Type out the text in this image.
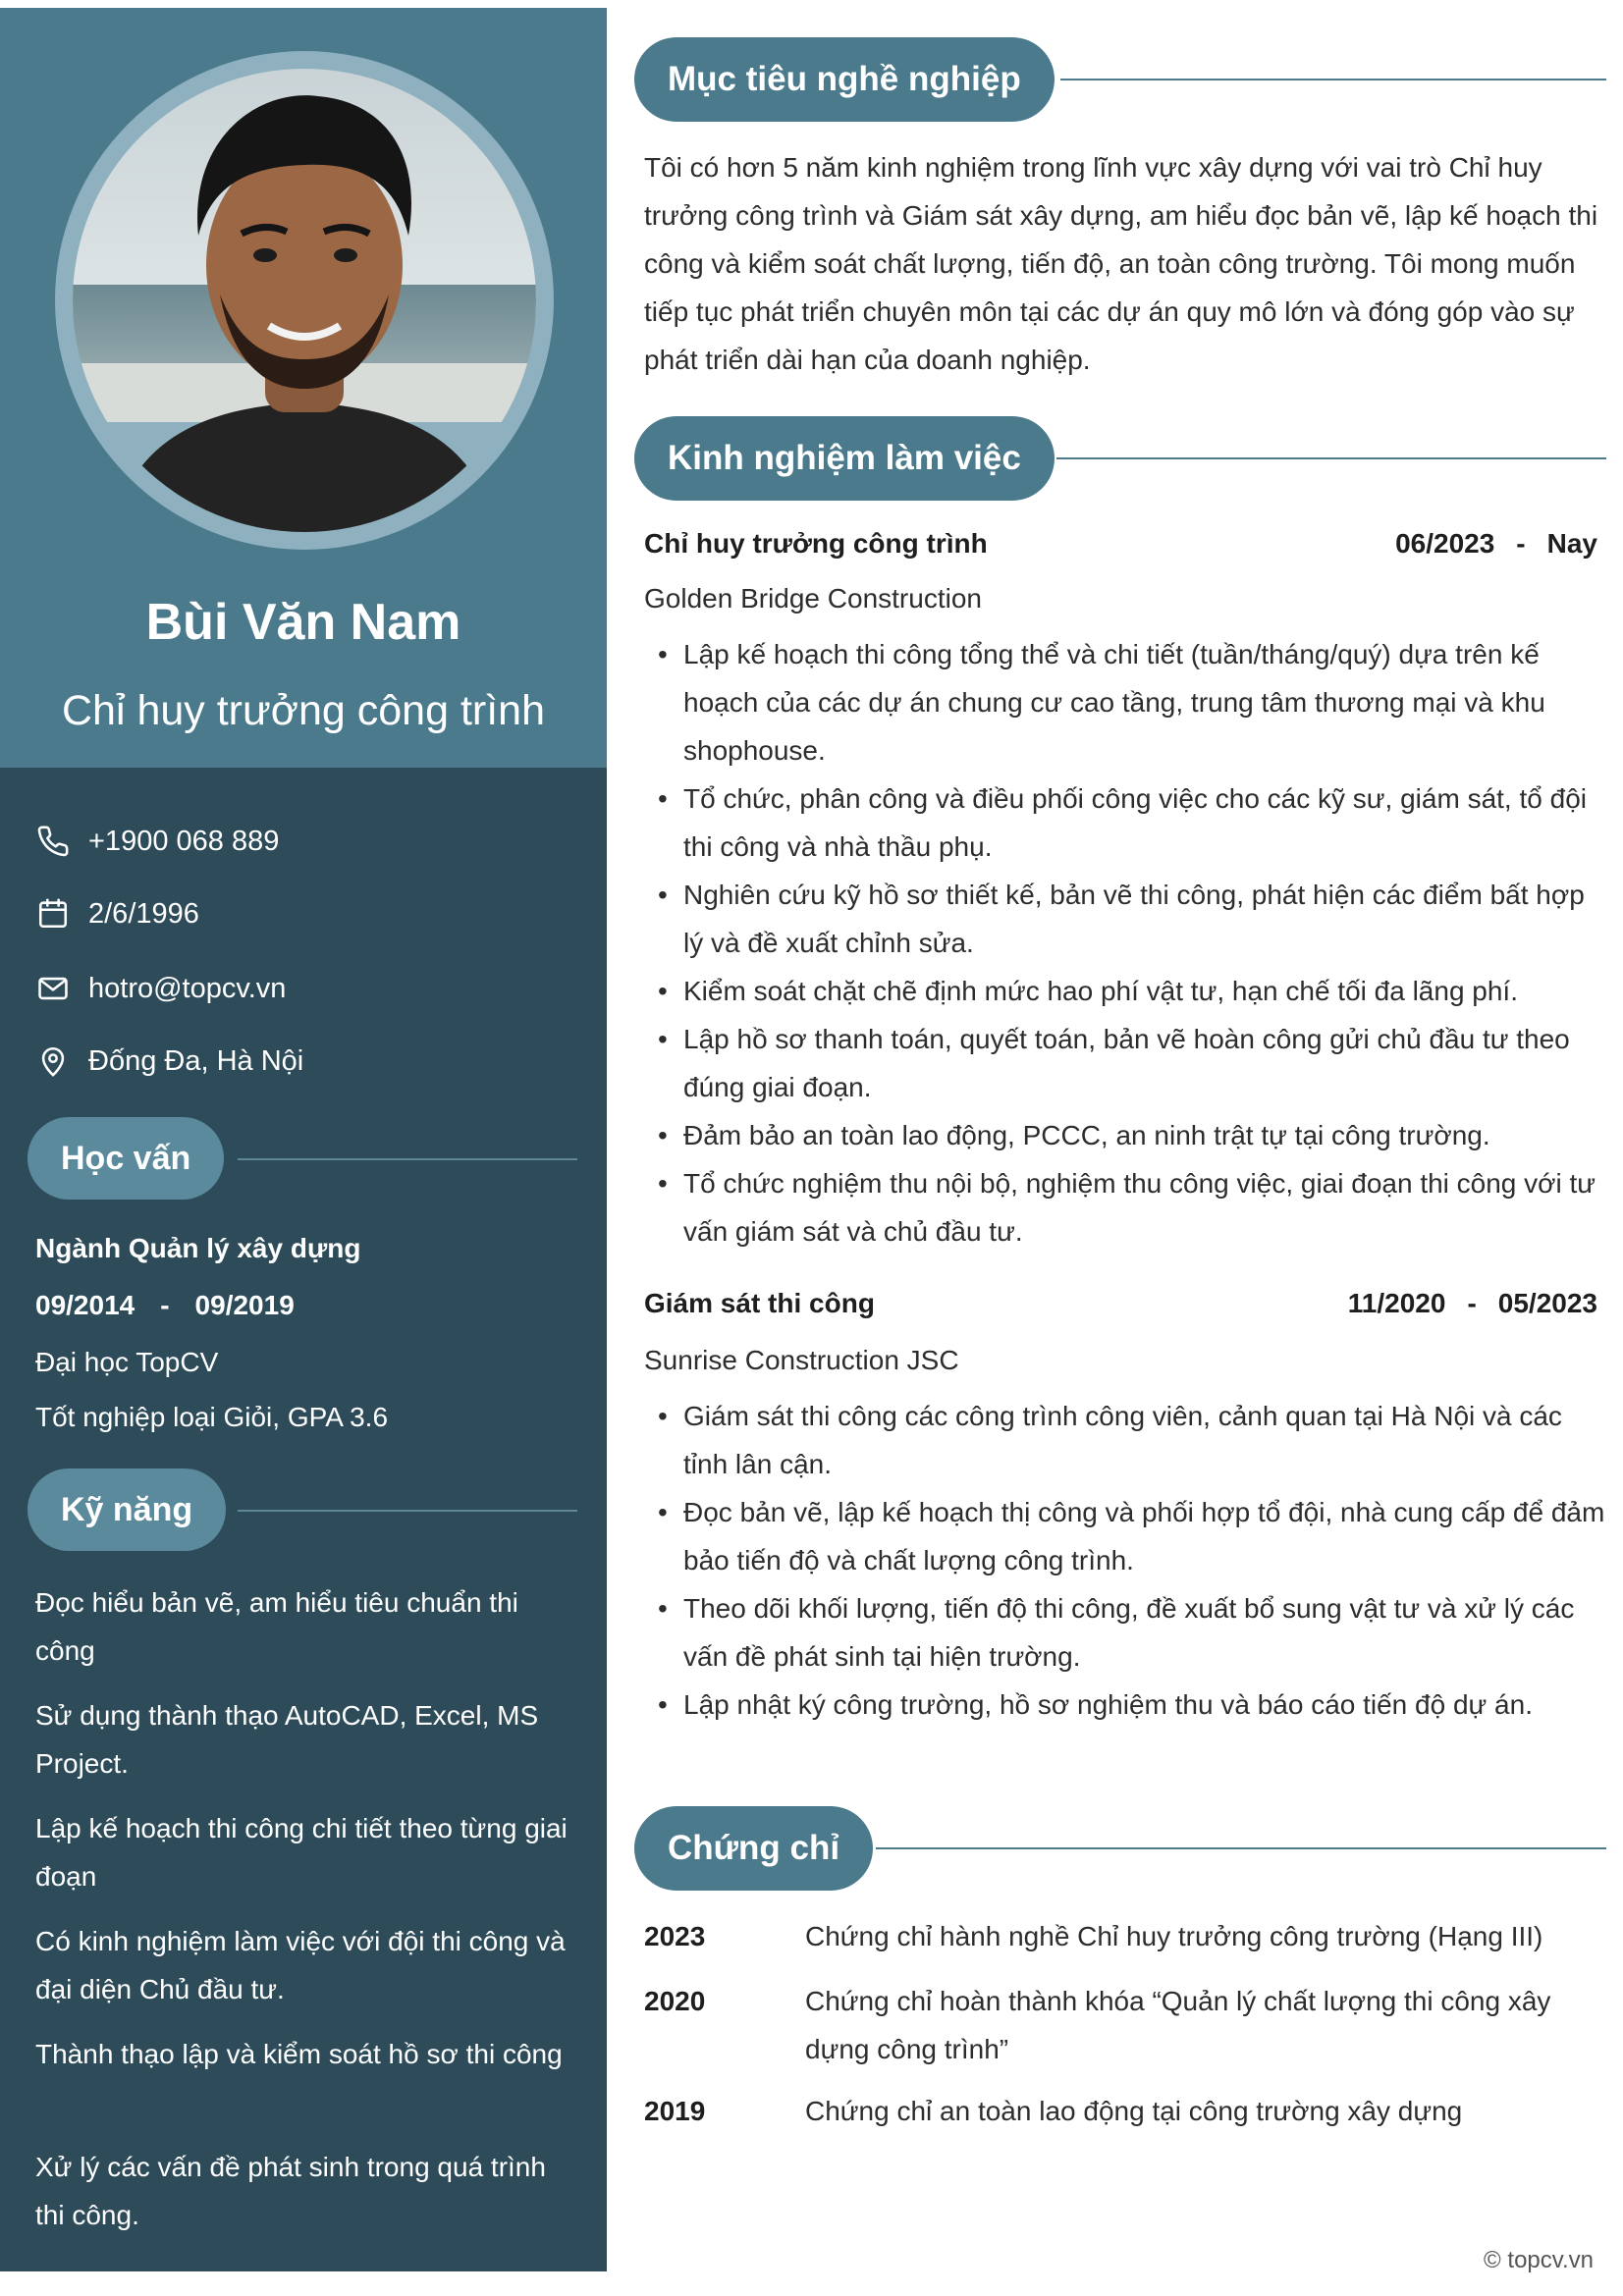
Bùi Văn Nam
Chỉ huy trưởng công trình
+1900 068 889
2/6/1996
hotro@topcv.vn
Đống Đa, Hà Nội
Học vấn
Ngành Quản lý xây dựng
09/2014 - 09/2019
Đại học TopCV
Tốt nghiệp loại Giỏi, GPA 3.6
Kỹ năng
Đọc hiểu bản vẽ, am hiểu tiêu chuẩn thi công
Sử dụng thành thạo AutoCAD, Excel, MS Project.
Lập kế hoạch thi công chi tiết theo từng giai đoạn
Có kinh nghiệm làm việc với đội thi công và đại diện Chủ đầu tư.
Thành thạo lập và kiểm soát hồ sơ thi công
Xử lý các vấn đề phát sinh trong quá trình thi công.
Mục tiêu nghề nghiệp
Tôi có hơn 5 năm kinh nghiệm trong lĩnh vực xây dựng với vai trò Chỉ huy trưởng công trình và Giám sát xây dựng, am hiểu đọc bản vẽ, lập kế hoạch thi công và kiểm soát chất lượng, tiến độ, an toàn công trường. Tôi mong muốn tiếp tục phát triển chuyên môn tại các dự án quy mô lớn và đóng góp vào sự phát triển dài hạn của doanh nghiệp.
Kinh nghiệm làm việc
Chỉ huy trưởng công trình	06/2023 - Nay
Golden Bridge Construction
• Lập kế hoạch thi công tổng thể và chi tiết (tuần/tháng/quý) dựa trên kế hoạch của các dự án chung cư cao tầng, trung tâm thương mại và khu shophouse.
• Tổ chức, phân công và điều phối công việc cho các kỹ sư, giám sát, tổ đội thi công và nhà thầu phụ.
• Nghiên cứu kỹ hồ sơ thiết kế, bản vẽ thi công, phát hiện các điểm bất hợp lý và đề xuất chỉnh sửa.
• Kiểm soát chặt chẽ định mức hao phí vật tư, hạn chế tối đa lãng phí.
• Lập hồ sơ thanh toán, quyết toán, bản vẽ hoàn công gửi chủ đầu tư theo đúng giai đoạn.
• Đảm bảo an toàn lao động, PCCC, an ninh trật tự tại công trường.
• Tổ chức nghiệm thu nội bộ, nghiệm thu công việc, giai đoạn thi công với tư vấn giám sát và chủ đầu tư.
Giám sát thi công	11/2020 - 05/2023
Sunrise Construction JSC
• Giám sát thi công các công trình công viên, cảnh quan tại Hà Nội và các tỉnh lân cận.
• Đọc bản vẽ, lập kế hoạch thị công và phối hợp tổ đội, nhà cung cấp để đảm bảo tiến độ và chất lượng công trình.
• Theo dõi khối lượng, tiến độ thi công, đề xuất bổ sung vật tư và xử lý các vấn đề phát sinh tại hiện trường.
• Lập nhật ký công trường, hồ sơ nghiệm thu và báo cáo tiến độ dự án.
Chứng chỉ
2023	Chứng chỉ hành nghề Chỉ huy trưởng công trường (Hạng III)
2020	Chứng chỉ hoàn thành khóa “Quản lý chất lượng thi công xây dựng công trình”
2019	Chứng chỉ an toàn lao động tại công trường xây dựng
© topcv.vn
